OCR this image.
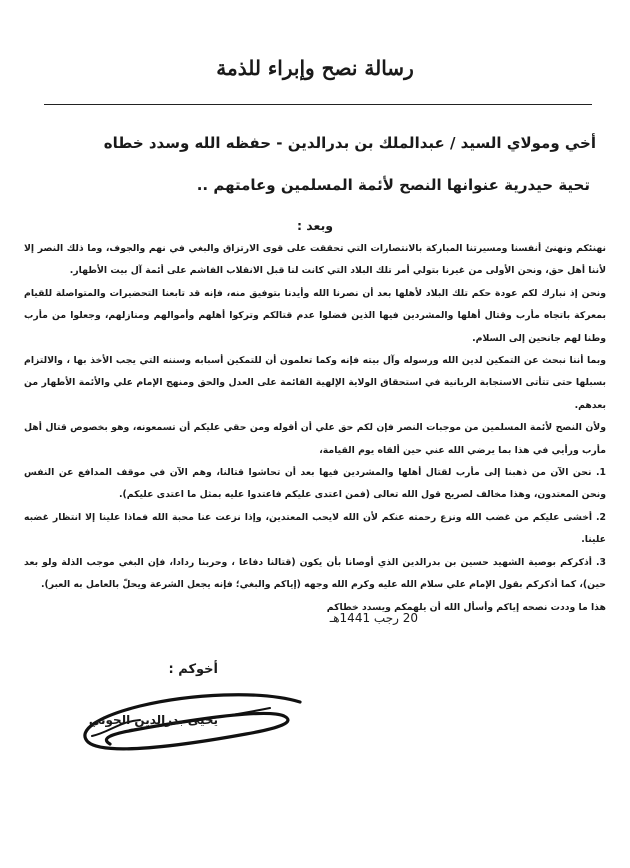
رسالة نصح وإبراء للذمة
أخي ومولاي السيد / عبدالملك بن بدرالدين - حفظه الله وسدد خطاه
تحية حيدرية عنوانها النصح لأئمة المسلمين وعامتهم ..
وبعد :

نهنئكم ونهنئ أنفسنا ومسيرتنا المباركة بالانتصارات التي تحققت على قوى الارتزاق والبغي في نهم والجوف، وما ذلك النصر إلا لأننا أهل حق، ونحن الأولى من غيرنا بتولي أمر تلك البلاد التي كانت لنا قبل الانقلاب الفاشم على أئمة آل بيت الأطهار.

ونحن إذ نبارك لكم عودة حكم تلك البلاد لأهلها بعد أن نصرنا الله وأيدنا بتوفيق منه، فإنه قد تابعنا التحضيرات والمتواصلة للقيام بمعركة باتجاه مأرب وقتال أهلها والمشردين فيها الذين فضلوا عدم قتالكم وتركوا أهلهم وأموالهم ومنازلهم، وجعلوا من مأرب وطنا لهم جانحين إلى السلام.

وبما أننا نبحث عن التمكين لدين الله ورسوله وآل بيته فإنه وكما تعلمون أن للتمكين أسبابه وسننه التي يجب الأخذ بها ، والالتزام بسبلها حتى تتأتى الاستجابة الربانية في استحقاق الولاية الإلهية القائمة على العدل والحق ومنهج الإمام علي والأئمة الأطهار من بعدهم.

ولأن النصح لأئمة المسلمين من موجبات النصر فإن لكم حق علي أن أقوله ومن حقي عليكم أن تسمعونه، وهو بخصوص قتال أهل مأرب ورأيي في هذا بما يرضي الله عني حين ألقاه يوم القيامة،

1. نحن الآن من ذهبنا إلى مأرب لقتال أهلها والمشردين فيها بعد أن تحاشوا قتالنا، وهم الآن في موقف المدافع عن النفس ونحن المعتدون، وهذا مخالف لصريح قول الله تعالى (فمن اعتدى عليكم فاعتدوا عليه بمثل ما اعتدى عليكم).

2. أخشى عليكم من غضب الله ونزع رحمته عنكم لأن الله لايحب المعتدين، وإذا نزعت عنا محبة الله فماذا علينا إلا انتظار غضبه علينا.

3. أذكركم بوصية الشهيد حسين بن بدرالدين الذي أوصانا بأن يكون (قتالنا دفاعا ، وحربنا ردادا، فإن البغي موجب الذلة ولو بعد حين)، كما أذكركم بقول الإمام علي سلام الله عليه وكرم الله وجهه (إياكم والبغي؛ فإنه يجعل الشرعة ويحلّ بالعامل به العبر).

هذا ما وددت نصحه إياكم وأسأل الله أن يلهمكم ويسدد خطاكم

20 رجب 1441هـ
أخوكم :
يحيى بدرالدين الحوثي
